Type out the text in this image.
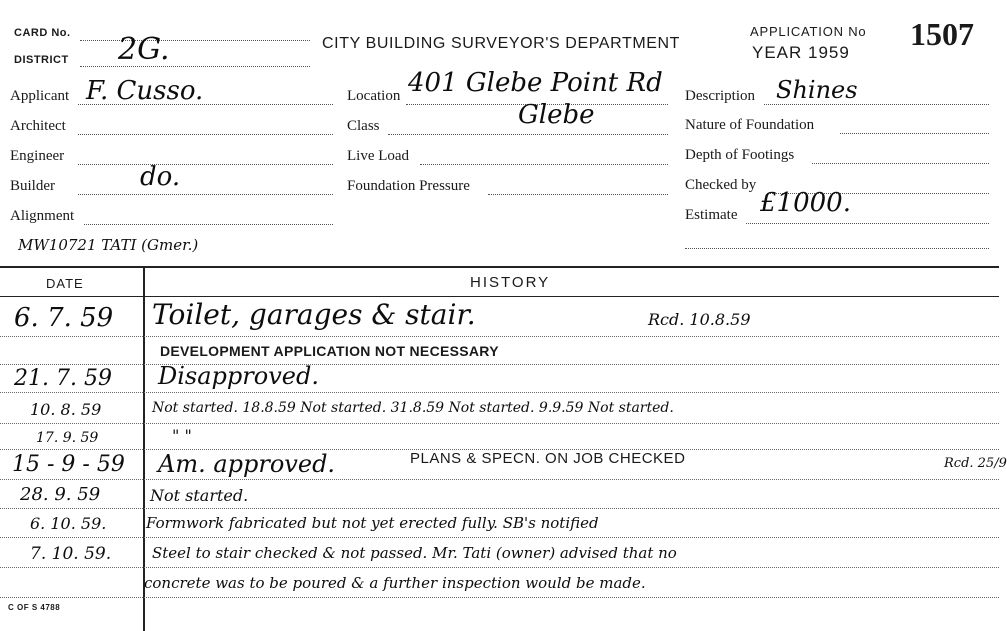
CARD No.
DISTRICT 2G.	CITY BUILDING SURVEYOR'S DEPARTMENT
APPLICATION No
YEAR 1959
1507
Applicant F. Cusso.
Architect
Engineer
Builder	do.
Alignment
MW10721 TATI (Gmer.)
Location 401 Glebe Point Rd
Glebe
Class
Live Load
Foundation Pressure
Description Shines
Nature of Foundation
Depth of Footings
Checked by
Estimate £1000.
DATE	HISTORY
6. 7. 59 Toilet, garages & stair.	Rcd. 10.8.59
DEVELOPMENT APPLICATION NOT NECESSARY
21. 7. 59 Disapproved.
10. 8. 59	Not started. 18.8.59 Not started. 31.8.59 Not started. 9.9.59 Not started.
17. 9. 59	" "
15 - 9 - 59 Am. approved.	PLANS & SPECN. ON JOB CHECKED	Rcd. 25/9
28. 9. 59	Not started.
6. 10. 59.	Formwork fabricated but not yet erected fully. SB's notified
7. 10. 59.	Steel to stair checked & not passed. Mr. Tati (owner) advised that no
concrete was to be poured & a further inspection would be made.
C OF S 4788
